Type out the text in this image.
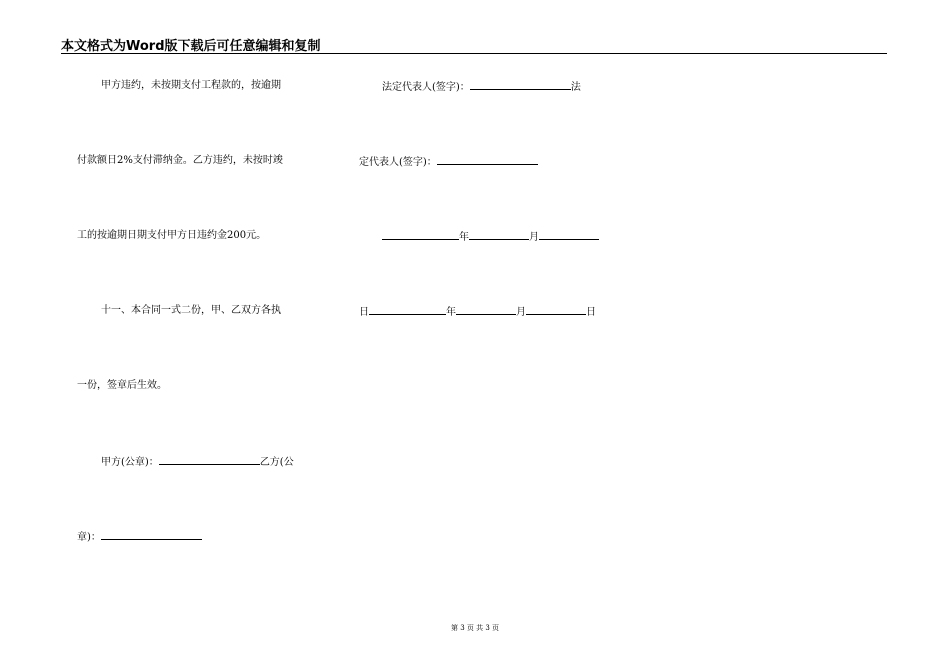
本文格式为Word版下载后可任意编辑和复制
甲方违约，未按期支付工程款的，按逾期
付款额日2%支付滞纳金。乙方违约，未按时竣
工的按逾期日期支付甲方日违约金200元。
十一、本合同一式二份，甲、乙双方各执
一份，签章后生效。
甲方(公章)：	乙方(公
章)：
法定代表人(签字)：	法
定代表人(签字)：
年	月
日	年	月	日
第 3 页 共 3 页
